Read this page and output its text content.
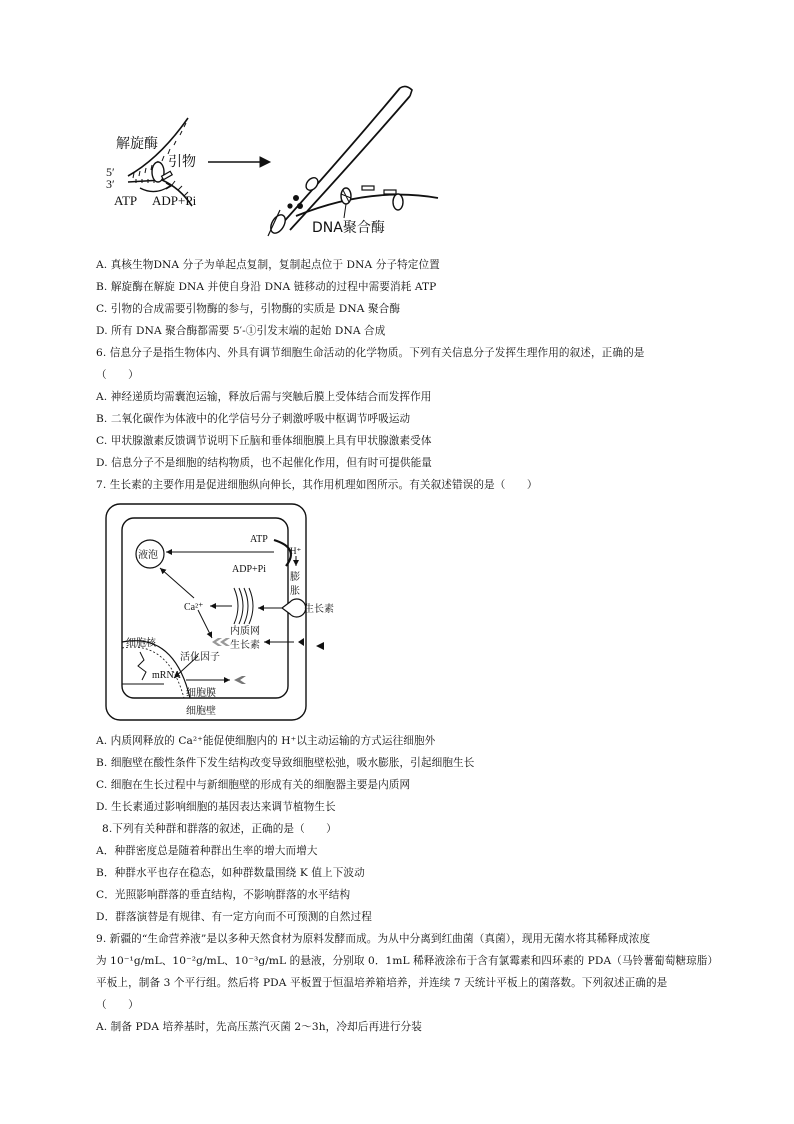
解旋酶
引物
5′
3′
ATP ADP+Pi
DNA聚合酶
A. 真核生物DNA 分子为单起点复制，复制起点位于 DNA 分子特定位置
B. 解旋酶在解旋 DNA 并使自身沿 DNA 链移动的过程中需要消耗 ATP
C. 引物的合成需要引物酶的参与，引物酶的实质是 DNA 聚合酶
D. 所有 DNA 聚合酶都需要 5′-①引发末端的起始 DNA 合成
6. 信息分子是指生物体内、外具有调节细胞生命活动的化学物质。下列有关信息分子发挥生理作用的叙述，正确的是
（　　）
A. 神经递质均需囊泡运输，释放后需与突触后膜上受体结合而发挥作用
B. 二氧化碳作为体液中的化学信号分子刺激呼吸中枢调节呼吸运动
C. 甲状腺激素反馈调节说明下丘脑和垂体细胞膜上具有甲状腺激素受体
D. 信息分子不是细胞的结构物质，也不起催化作用，但有时可提供能量
7. 生长素的主要作用是促进细胞纵向伸长，其作用机理如图所示。有关叙述错误的是（　　）
液泡
ATP
H⁺
ADP+Pi
膨
胀
生长素
Ca²⁺
内质网
生长素
细胞核
活化因子
mRNA
细胞膜
细胞壁
A. 内质网释放的 Ca²⁺能促使细胞内的 H⁺以主动运输的方式运往细胞外
B. 细胞壁在酸性条件下发生结构改变导致细胞壁松弛，吸水膨胀，引起细胞生长
C. 细胞在生长过程中与新细胞壁的形成有关的细胞器主要是内质网
D. 生长素通过影响细胞的基因表达来调节植物生长
8.下列有关种群和群落的叙述，正确的是（　　）
A．种群密度总是随着种群出生率的增大而增大
B．种群水平也存在稳态，如种群数量围绕 K 值上下波动
C．光照影响群落的垂直结构，不影响群落的水平结构
D．群落演替是有规律、有一定方向而不可预测的自然过程
9. 新疆的“生命营养液”是以多种天然食材为原料发酵而成。为从中分离到红曲菌（真菌），现用无菌水将其稀释成浓度
为 10⁻¹g/mL、10⁻²g/mL、10⁻³g/mL 的悬液，分别取 0．1mL 稀释液涂布于含有氯霉素和四环素的 PDA（马铃薯葡萄糖琼脂）
平板上，制备 3 个平行组。然后将 PDA 平板置于恒温培养箱培养，并连续 7 天统计平板上的菌落数。下列叙述正确的是
（　　）
A. 制备 PDA 培养基时，先高压蒸汽灭菌 2～3h，冷却后再进行分装
